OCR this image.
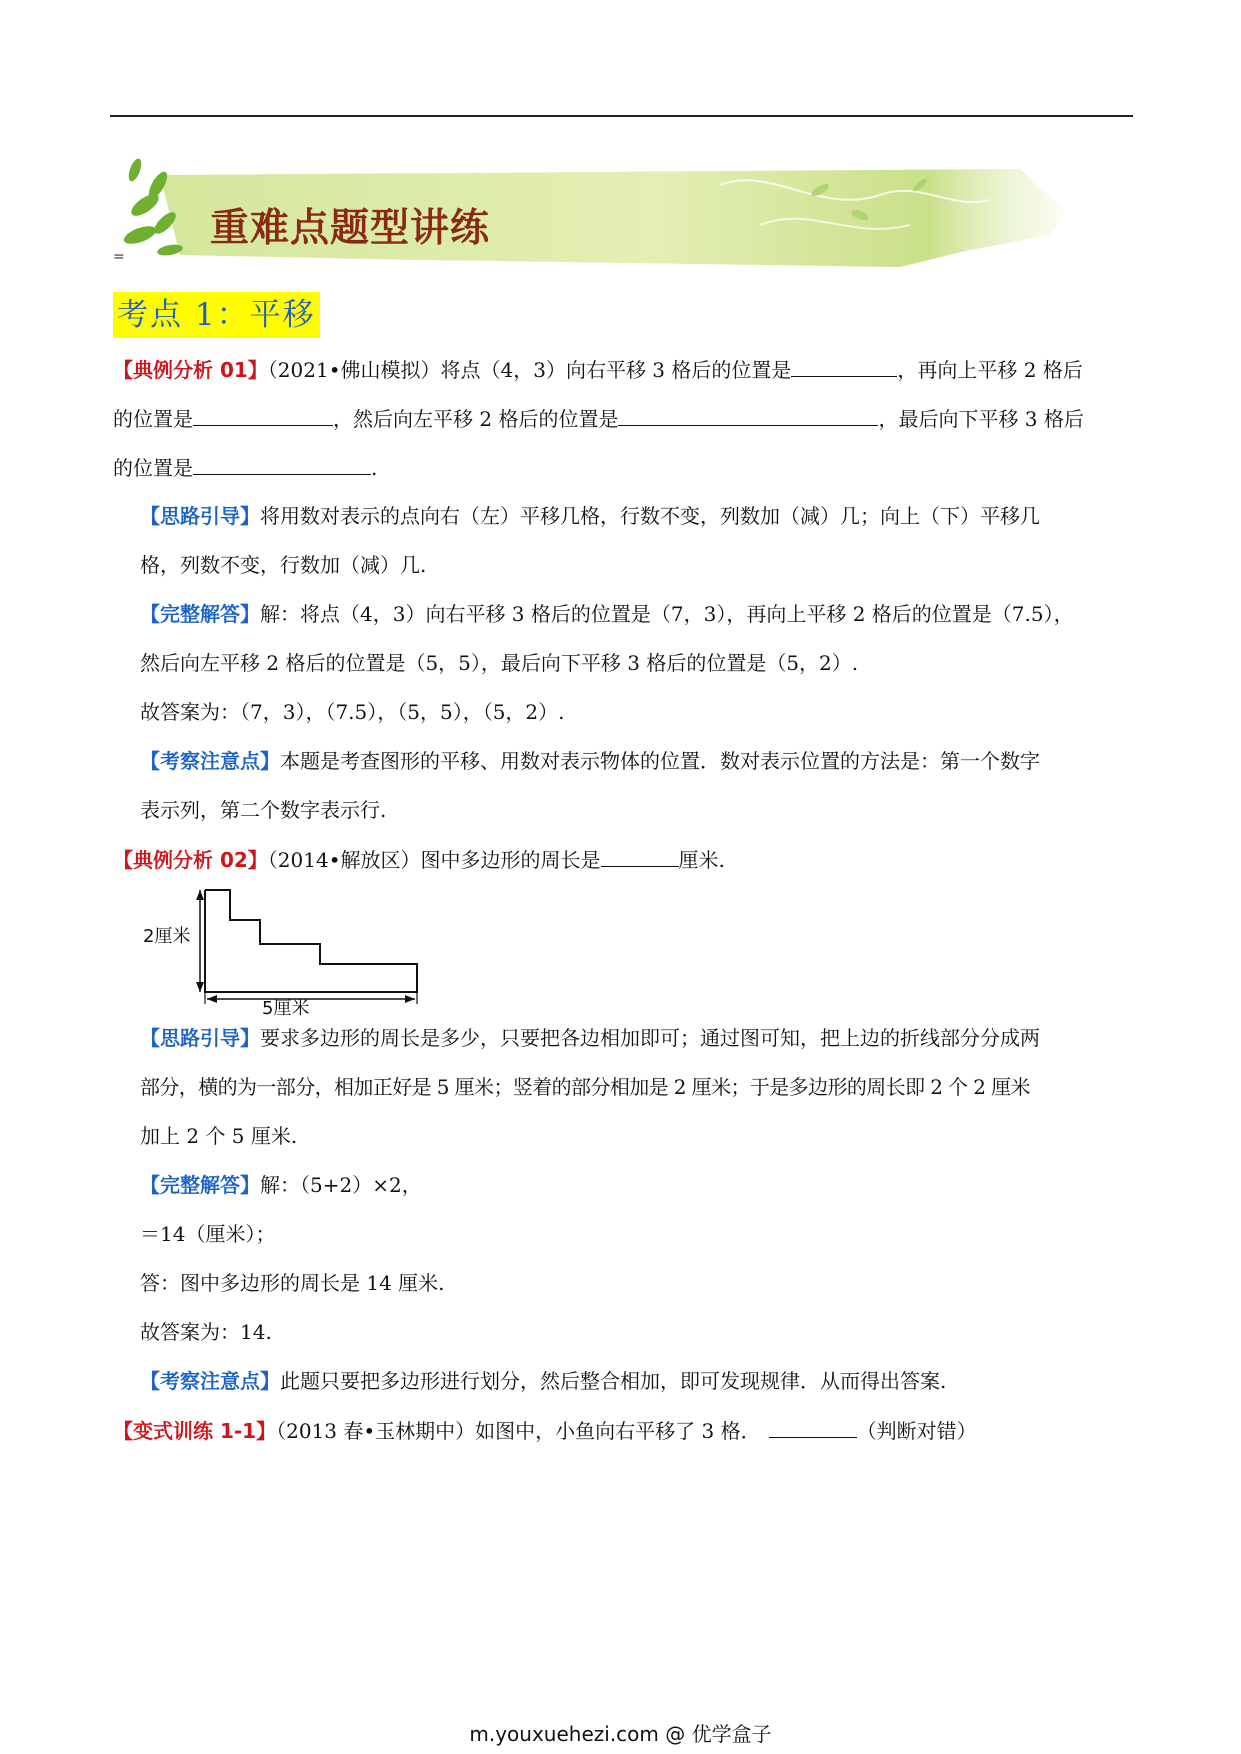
重难点题型讲练
=
考点 1：平移
【典例分析 01】（2021•佛山模拟）将点（4，3）向右平移 3 格后的位置是	，再向上平移 2 格后
的位置是	，然后向左平移 2 格后的位置是	，最后向下平移 3 格后
的位置是	.
【思路引导】将用数对表示的点向右（左）平移几格，行数不变，列数加（减）几；向上（下）平移几
格，列数不变，行数加（减）几.
【完整解答】解：将点（4，3）向右平移 3 格后的位置是（7，3），再向上平移 2 格后的位置是（7.5），
然后向左平移 2 格后的位置是（5，5），最后向下平移 3 格后的位置是（5，2）.
故答案为：（7，3），（7.5），（5，5），（5，2）.
【考察注意点】本题是考查图形的平移、用数对表示物体的位置．数对表示位置的方法是：第一个数字
表示列，第二个数字表示行.
【典例分析 02】（2014•解放区）图中多边形的周长是	厘米.
2厘米
5厘米
【思路引导】要求多边形的周长是多少，只要把各边相加即可；通过图可知，把上边的折线部分分成两
部分，横的为一部分，相加正好是 5 厘米；竖着的部分相加是 2 厘米；于是多边形的周长即 2 个 2 厘米
加上 2 个 5 厘米.
【完整解答】解：（5+2）×2，
＝14（厘米）；
答：图中多边形的周长是 14 厘米.
故答案为：14.
【考察注意点】此题只要把多边形进行划分，然后整合相加，即可发现规律．从而得出答案.
【变式训练 1-1】（2013 春•玉林期中）如图中，小鱼向右平移了 3 格．	（判断对错）
m.youxuehezi.com @ 优学盒子
